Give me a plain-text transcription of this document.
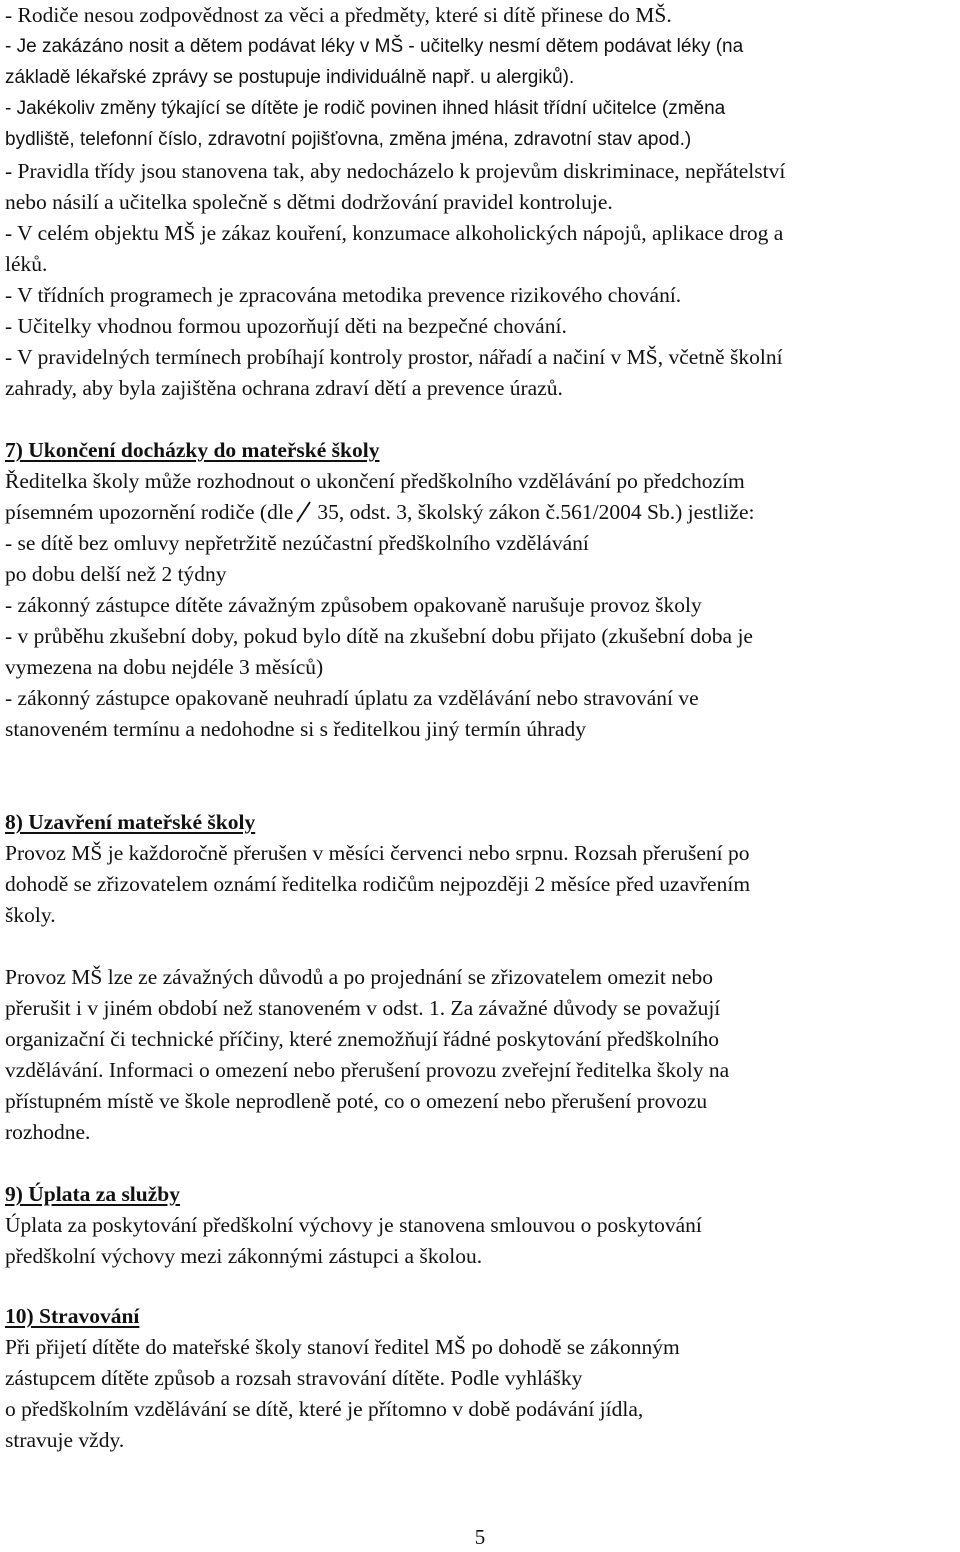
- Rodiče nesou zodpovědnost za věci a předměty, které si dítě přinese do MŠ.
- Je zakázáno nosit a dětem podávat léky v MŠ - učitelky nesmí dětem podávat léky (na
základě lékařské zprávy se postupuje individuálně např. u alergiků).
- Jakékoliv změny týkající se dítěte je rodič povinen ihned hlásit třídní učitelce (změna
bydliště, telefonní číslo, zdravotní pojišťovna, změna jména, zdravotní stav apod.)
- Pravidla třídy jsou stanovena tak, aby nedocházelo k projevům diskriminace, nepřátelství
nebo násilí a učitelka společně s dětmi dodržování pravidel kontroluje.
- V celém objektu MŠ je zákaz kouření, konzumace alkoholických nápojů, aplikace drog a
léků.
- V třídních programech je zpracována metodika prevence rizikového chování.
- Učitelky vhodnou formou upozorňují děti na bezpečné chování.
- V pravidelných termínech probíhají kontroly prostor, nářadí a načiní v MŠ, včetně školní
zahrady, aby byla zajištěna ochrana zdraví dětí a prevence úrazů.
7) Ukončení docházky do mateřské školy
Ředitelka školy může rozhodnout o ukončení předškolního vzdělávání po předchozím
písemném upozornění rodiče (dle 35, odst. 3, školský zákon č.561/2004 Sb.) jestliže:
- se dítě bez omluvy nepřetržitě nezúčastní předškolního vzdělávání
po dobu delší než 2 týdny
- zákonný zástupce dítěte závažným způsobem opakovaně narušuje provoz školy
- v průběhu zkušební doby, pokud bylo dítě na zkušební dobu přijato (zkušební doba je
vymezena na dobu nejdéle 3 měsíců)
- zákonný zástupce opakovaně neuhradí úplatu za vzdělávání nebo stravování ve
stanoveném termínu a nedohodne si s ředitelkou jiný termín úhrady
8) Uzavření mateřské školy
Provoz MŠ je každoročně přerušen v měsíci červenci nebo srpnu. Rozsah přerušení po
dohodě se zřizovatelem oznámí ředitelka rodičům nejpozději 2 měsíce před uzavřením
školy.
Provoz MŠ lze ze závažných důvodů a po projednání se zřizovatelem omezit nebo
přerušit i v jiném období než stanoveném v odst. 1. Za závažné důvody se považují
organizační či technické příčiny, které znemožňují řádné poskytování předškolního
vzdělávání. Informaci o omezení nebo přerušení provozu zveřejní ředitelka školy na
přístupném místě ve škole neprodleně poté, co o omezení nebo přerušení provozu
rozhodne.
9) Úplata za služby
Úplata za poskytování předškolní výchovy je stanovena smlouvou o poskytování
předškolní výchovy mezi zákonnými zástupci a školou.
10) Stravování
Při přijetí dítěte do mateřské školy stanoví ředitel MŠ po dohodě se zákonným
zástupcem dítěte způsob a rozsah stravování dítěte. Podle vyhlášky
o předškolním vzdělávání se dítě, které je přítomno v době podávání jídla,
stravuje vždy.
5
